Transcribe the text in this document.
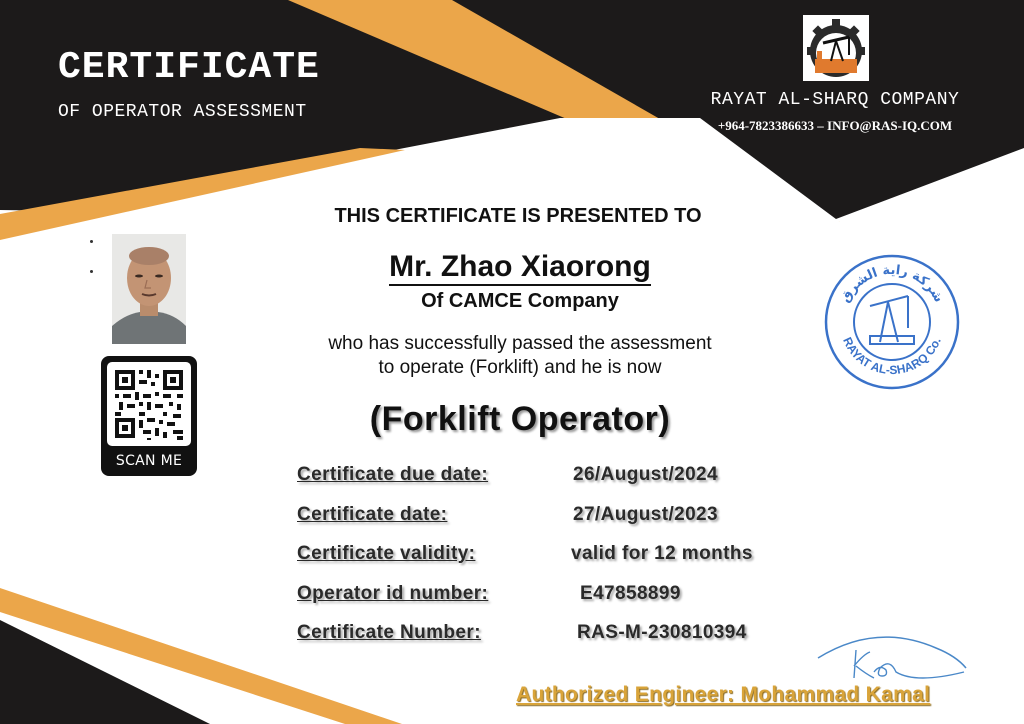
CERTIFICATE
OF OPERATOR ASSESSMENT
RAYAT AL-SHARQ COMPANY
+964-7823386633 – INFO@RAS-IQ.COM
THIS CERTIFICATE IS PRESENTED TO
Mr. Zhao Xiaorong
Of CAMCE Company
who has successfully passed the assessment
to operate (Forklift) and he is now
(Forklift Operator)
Certificate due date:	26/August/2024
Certificate date:	27/August/2023
Certificate validity:	valid for 12 months
Operator id number:	E47858899
Certificate Number:	RAS-M-230810394
SCAN ME
شركة راية الشرق
RAYAT AL-SHARQ Co.
Authorized Engineer: Mohammad Kamal
